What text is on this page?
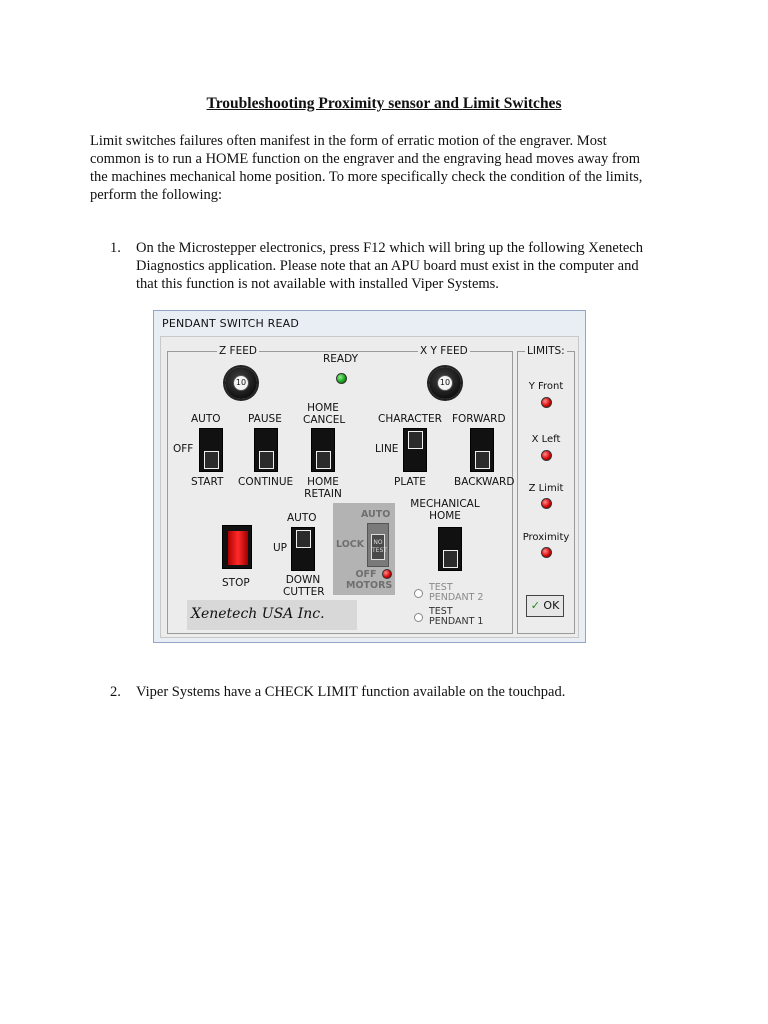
Troubleshooting Proximity sensor and Limit Switches
Limit switches failures often manifest in the form of erratic motion of the engraver. Most
common is to run a HOME function on the engraver and the engraving head moves away from
the machines mechanical home position. To more specifically check the condition of the limits,
perform the following:
1. On the Microstepper electronics, press F12 which will bring up the following Xenetech
Diagnostics application. Please note that an APU board must exist in the computer and
that this function is not available with installed Viper Systems.
PENDANT SWITCH READ
Z FEED
10
READY
X Y FEED
10
AUTO	PAUSE
HOME
CANCEL	CHARACTER FORWARD
OFF	LINE
START CONTINUE	HOME
RETAIN
PLATE	BACKWARD
STOP
AUTO
UP
DOWN
CUTTER
AUTO
LOCK NO
TEST
OFF
MOTORS
MECHANICAL
HOME
TEST
PENDANT 2
TEST
PENDANT 1
Xenetech USA Inc.
LIMITS:
Y Front
X Left
Z Limit
Proximity
✓ OK
2. Viper Systems have a CHECK LIMIT function available on the touchpad.
